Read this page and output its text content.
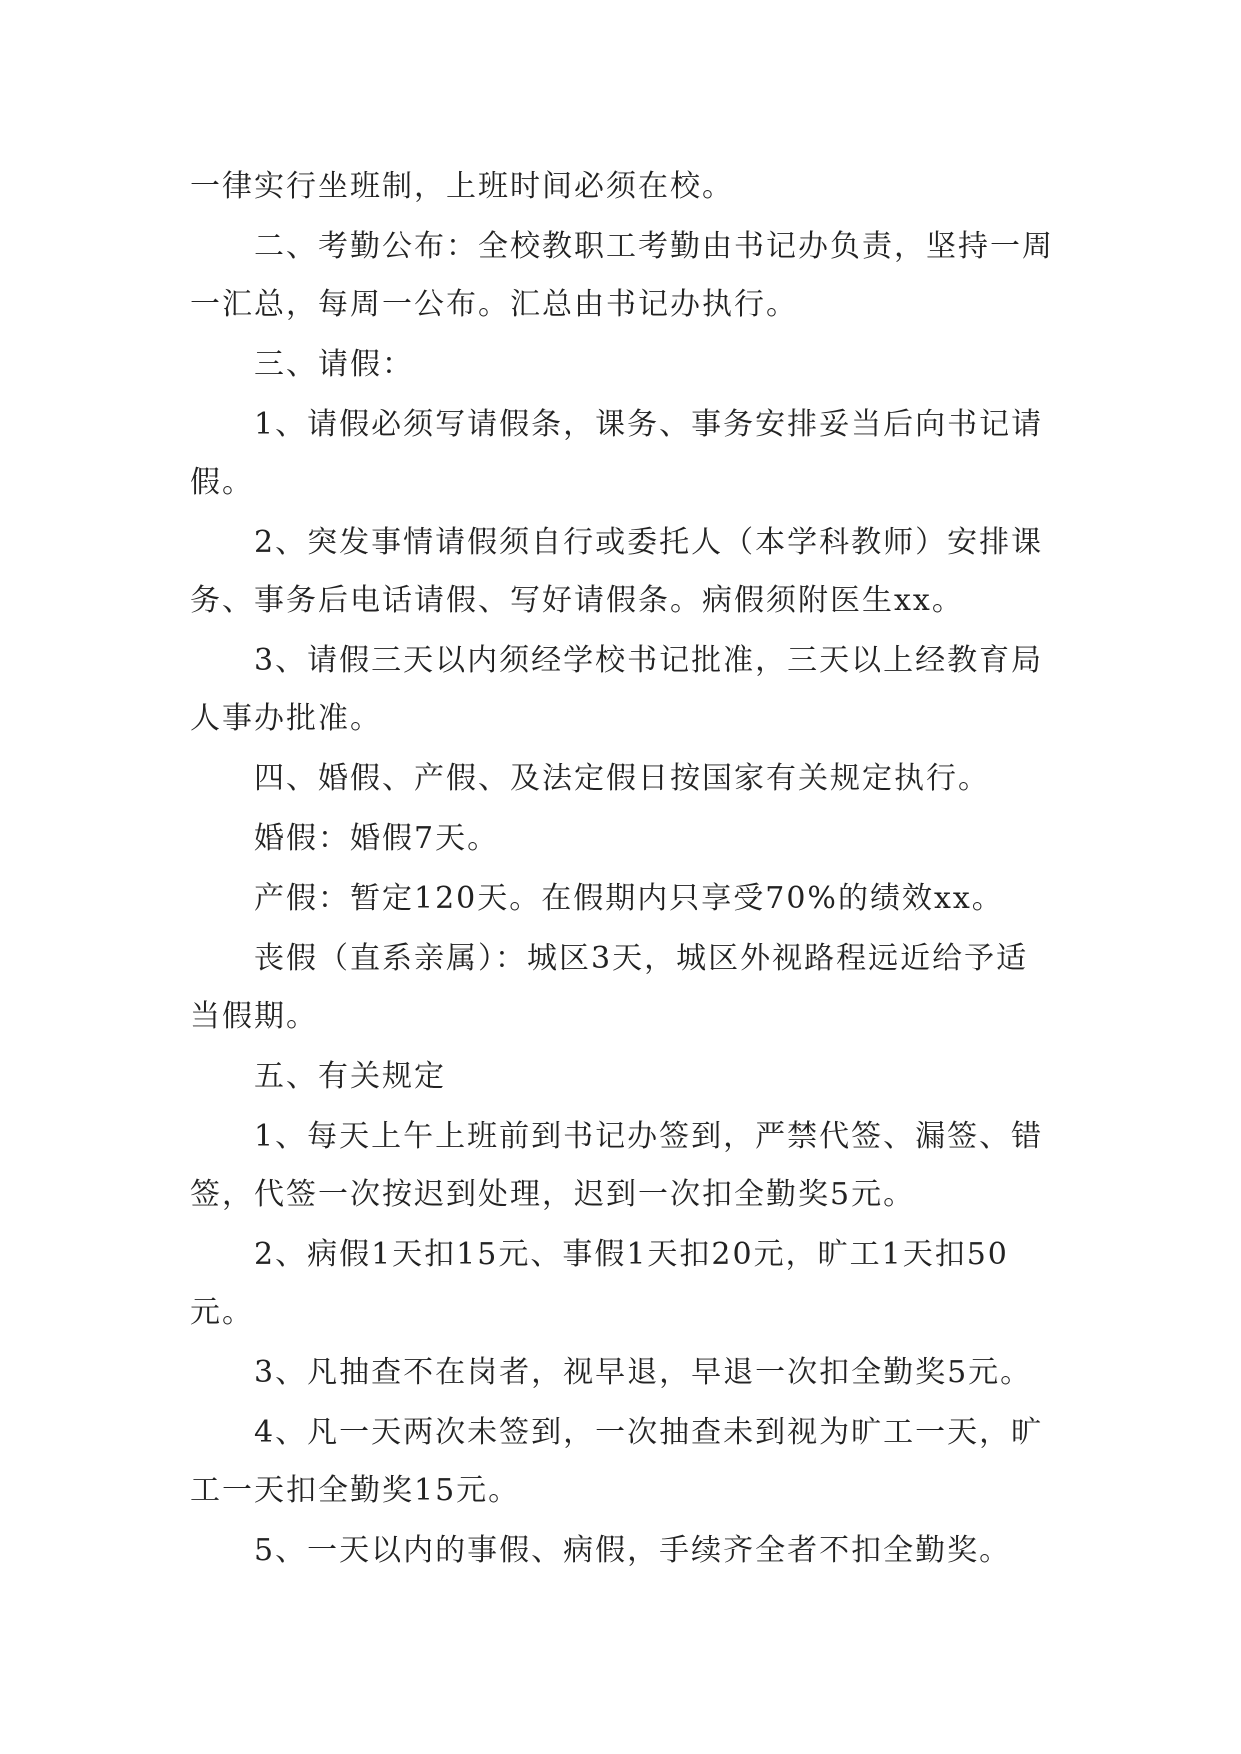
一律实行坐班制，上班时间必须在校。

二、考勤公布：全校教职工考勤由书记办负责，坚持一周一汇总，每周一公布。汇总由书记办执行。

三、请假：

1、请假必须写请假条，课务、事务安排妥当后向书记请假。

2、突发事情请假须自行或委托人（本学科教师）安排课务、事务后电话请假、写好请假条。病假须附医生xx。

3、请假三天以内须经学校书记批准，三天以上经教育局人事办批准。

四、婚假、产假、及法定假日按国家有关规定执行。

婚假：婚假7天。

产假：暂定120天。在假期内只享受70%的绩效xx。

丧假（直系亲属）：城区3天，城区外视路程远近给予适当假期。

五、有关规定

1、每天上午上班前到书记办签到，严禁代签、漏签、错签，代签一次按迟到处理，迟到一次扣全勤奖5元。

2、病假1天扣15元、事假1天扣20元，旷工1天扣50元。

3、凡抽查不在岗者，视早退，早退一次扣全勤奖5元。

4、凡一天两次未签到，一次抽查未到视为旷工一天，旷工一天扣全勤奖15元。

5、一天以内的事假、病假，手续齐全者不扣全勤奖。
